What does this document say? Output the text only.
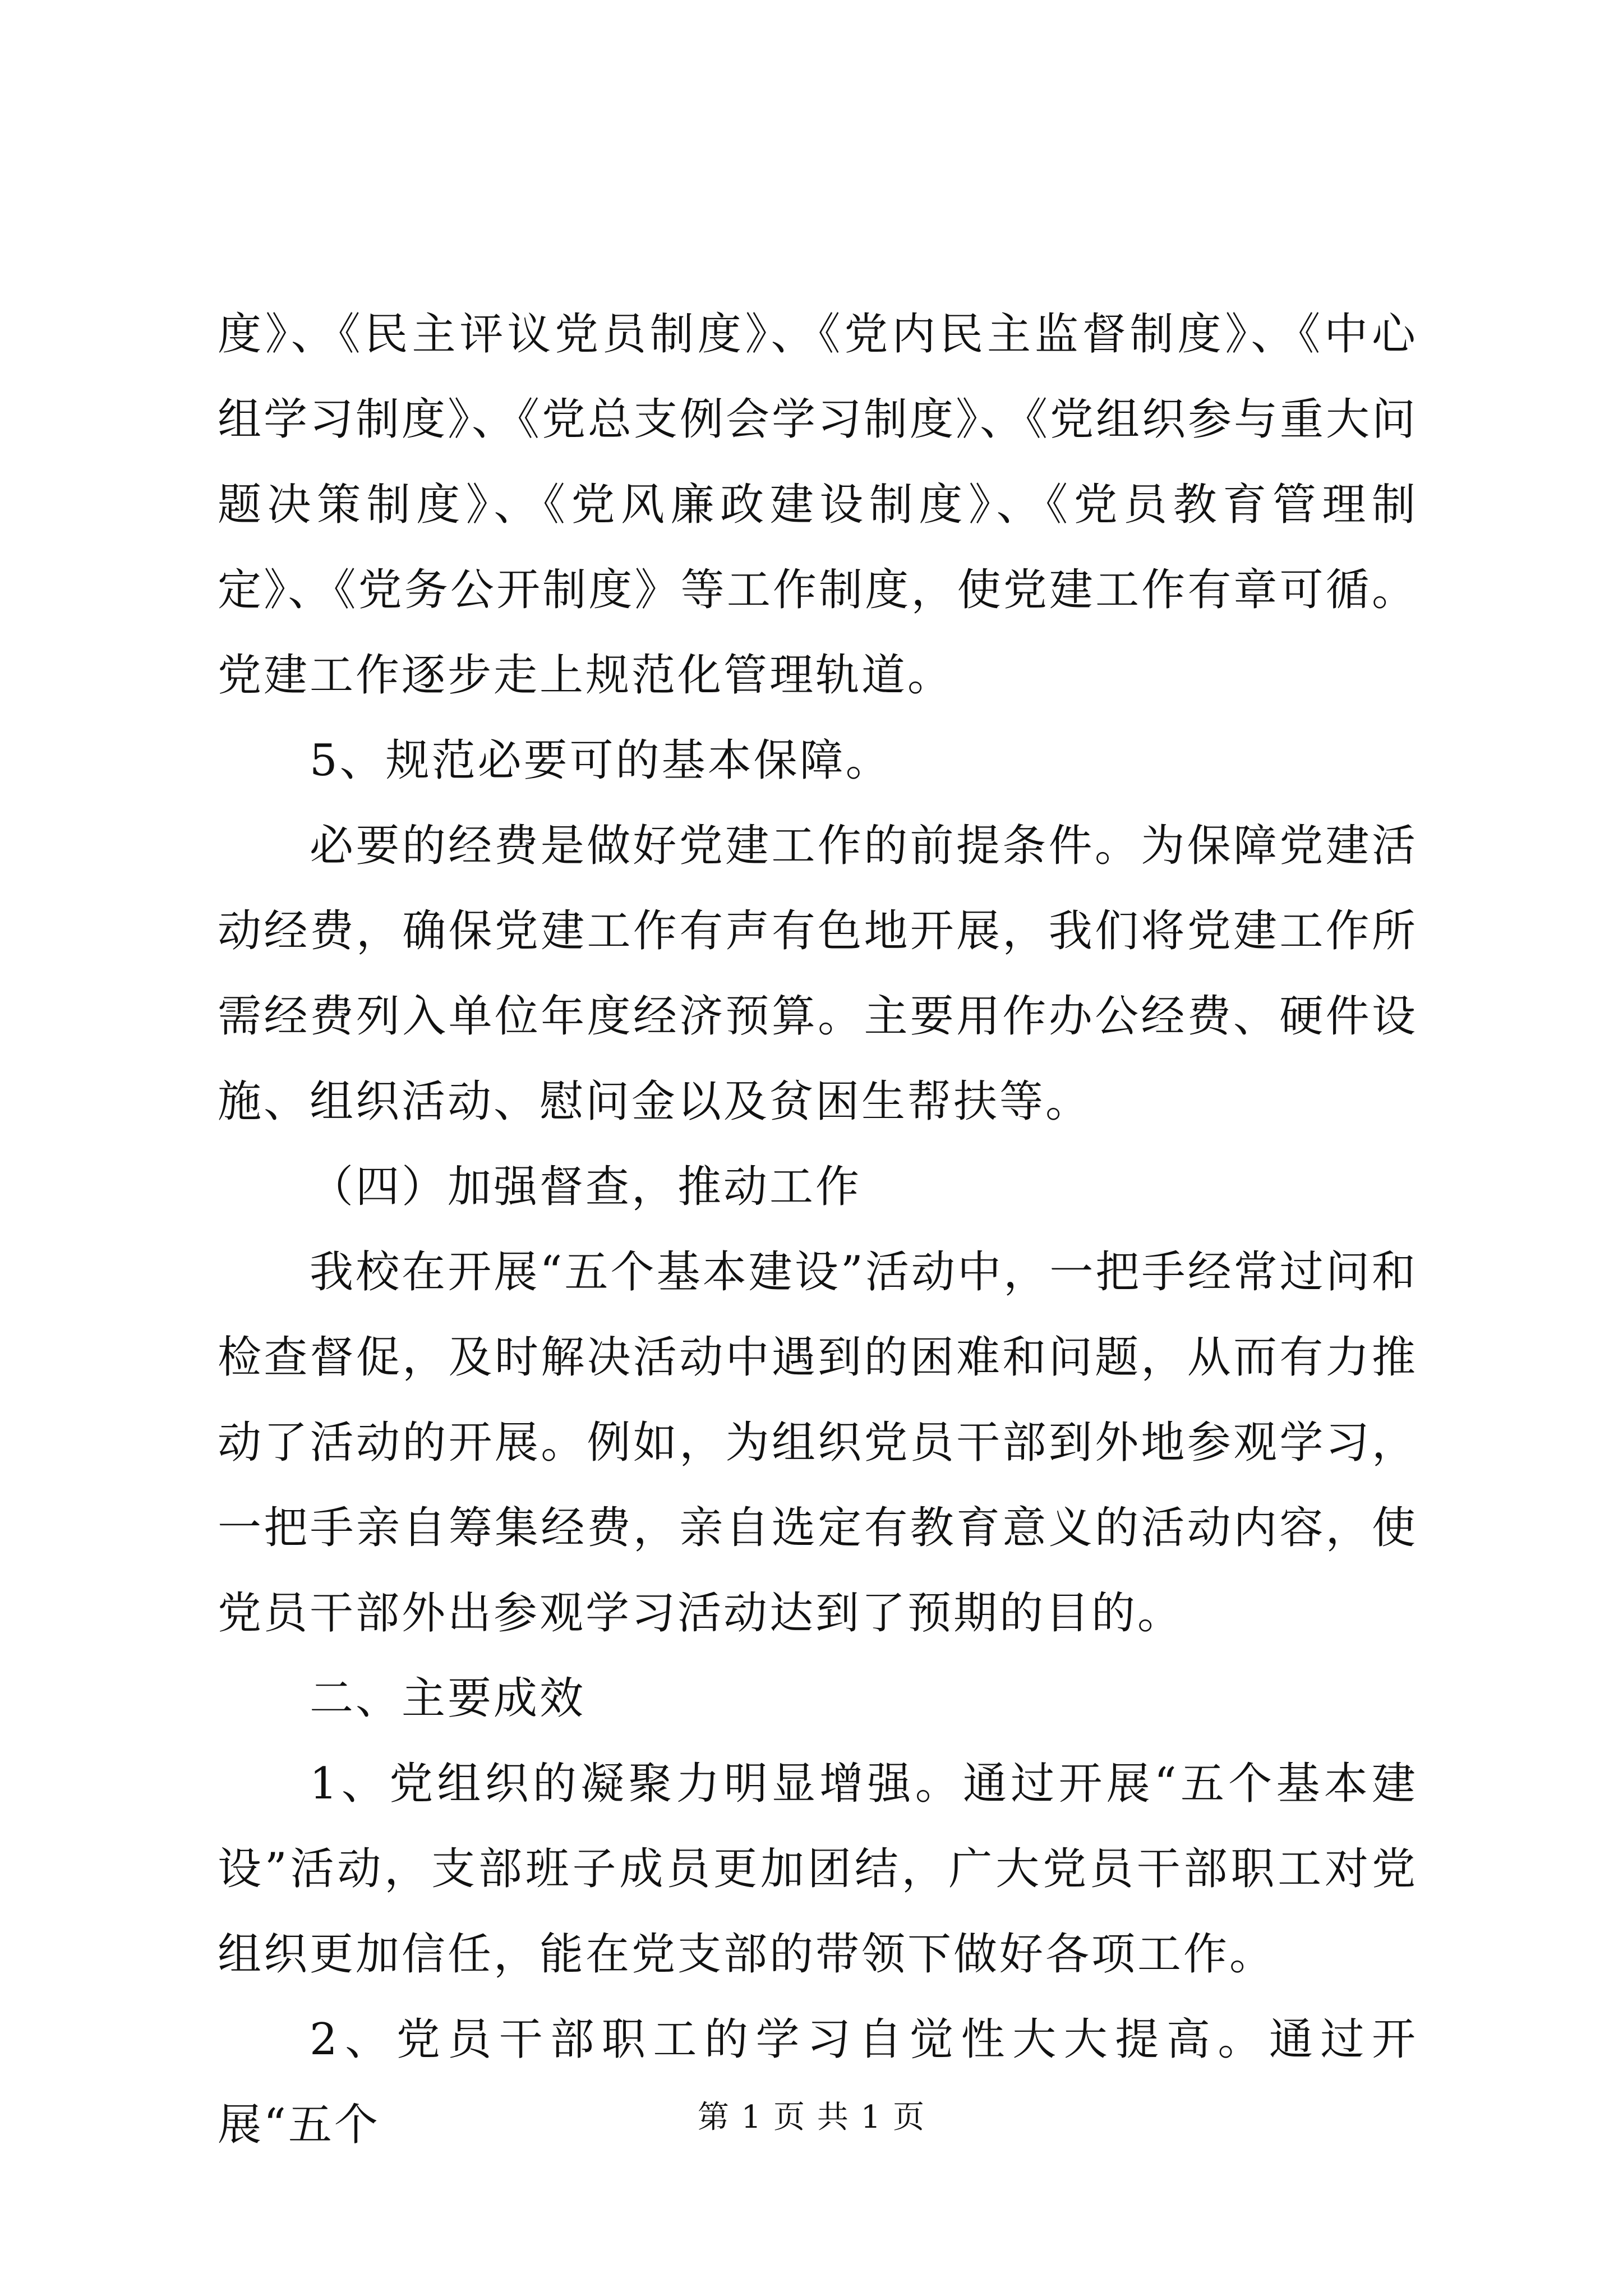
度》、《民主评议党员制度》、《党内民主监督制度》、《中心组学习制度》、《党总支例会学习制度》、《党组织参与重大问题决策制度》、《党风廉政建设制度》、《党员教育管理制定》、《党务公开制度》等工作制度，使党建工作有章可循。党建工作逐步走上规范化管理轨道。

5、规范必要可的基本保障。

必要的经费是做好党建工作的前提条件。为保障党建活动经费，确保党建工作有声有色地开展，我们将党建工作所需经费列入单位年度经济预算。主要用作办公经费、硬件设施、组织活动、慰问金以及贫困生帮扶等。

（四）加强督查，推动工作

我校在开展“五个基本建设”活动中，一把手经常过问和检查督促，及时解决活动中遇到的困难和问题，从而有力推动了活动的开展。例如，为组织党员干部到外地参观学习，一把手亲自筹集经费，亲自选定有教育意义的活动内容，使党员干部外出参观学习活动达到了预期的目的。

二、主要成效

1、党组织的凝聚力明显增强。通过开展“五个基本建设”活动，支部班子成员更加团结，广大党员干部职工对党组织更加信任，能在党支部的带领下做好各项工作。

2、党员干部职工的学习自觉性大大提高。通过开展“五个	第 1 页 共 1 页
